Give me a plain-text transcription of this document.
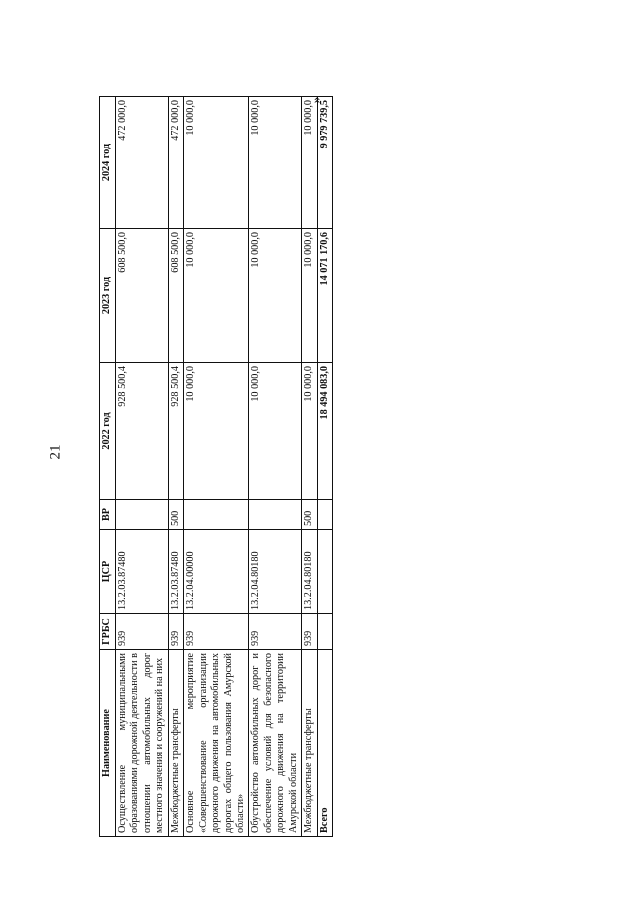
21
Наименование	ГРБС	ЦСР	ВР	2022 год	2023 год	2024 год
Осуществление муниципальными образованиями дорожной деятельности в отношении автомобильных дорог местного значения и сооружений на них	939	13.2.03.87480		928 500,4	608 500,0	472 000,0
Межбюджетные трансферты	939	13.2.03.87480	500	928 500,4	608 500,0	472 000,0
Основное мероприятие «Совершенствование организации дорожного движения на автомобильных дорогах общего пользования Амурской области»	939	13.2.04.00000		10 000,0	10 000,0	10 000,0
Обустройство автомобильных дорог и обеспечение условий для безопасного дорожного движения на территории Амурской области	939	13.2.04.80180		10 000,0	10 000,0	10 000,0
Межбюджетные трансферты	939	13.2.04.80180	500	10 000,0	10 000,0	10 000,0
Всего				18 494 083,0	14 071 170,6	9 979 739,5
»
